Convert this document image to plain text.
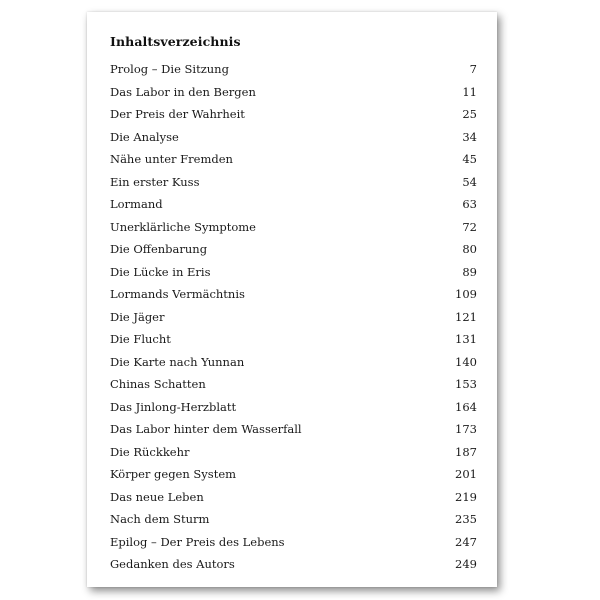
Inhaltsverzeichnis
Prolog – Die Sitzung	7
Das Labor in den Bergen	11
Der Preis der Wahrheit	25
Die Analyse	34
Nähe unter Fremden	45
Ein erster Kuss	54
Lormand	63
Unerklärliche Symptome	72
Die Offenbarung	80
Die Lücke in Eris	89
Lormands Vermächtnis	109
Die Jäger	121
Die Flucht	131
Die Karte nach Yunnan	140
Chinas Schatten	153
Das Jinlong-Herzblatt	164
Das Labor hinter dem Wasserfall	173
Die Rückkehr	187
Körper gegen System	201
Das neue Leben	219
Nach dem Sturm	235
Epilog – Der Preis des Lebens	247
Gedanken des Autors	249
